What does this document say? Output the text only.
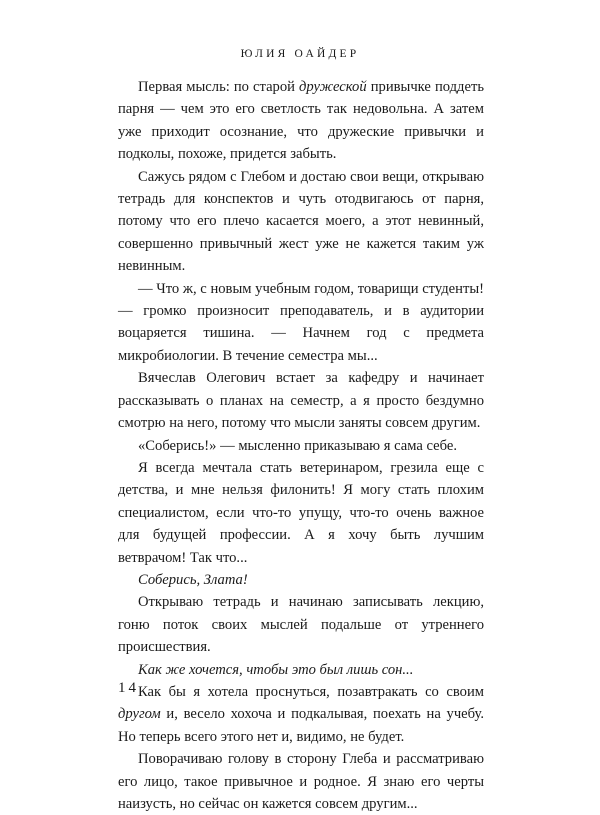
ЮЛИЯ ОАЙДЕР

Первая мысль: по старой дружеской привычке поддеть парня — чем это его светлость так недовольна. А затем уже приходит осознание, что дружеские привычки и подколы, похоже, придется забыть.

Сажусь рядом с Глебом и достаю свои вещи, открываю тетрадь для конспектов и чуть отодвигаюсь от парня, потому что его плечо касается моего, а этот невинный, совершенно привычный жест уже не кажется таким уж невинным.

— Что ж, с новым учебным годом, товарищи студенты! — громко произносит преподаватель, и в аудитории воцаряется тишина. — Начнем год с предмета микробиологии. В течение семестра мы...

Вячеслав Олегович встает за кафедру и начинает рассказывать о планах на семестр, а я просто бездумно смотрю на него, потому что мысли заняты совсем другим.

«Соберись!» — мысленно приказываю я сама себе.

Я всегда мечтала стать ветеринаром, грезила еще с детства, и мне нельзя филонить! Я могу стать плохим специалистом, если что-то упущу, что-то очень важное для будущей профессии. А я хочу быть лучшим ветврачом! Так что...

Соберись, Злата!

Открываю тетрадь и начинаю записывать лекцию, гоню поток своих мыслей подальше от утреннего происшествия.

Как же хочется, чтобы это был лишь сон...

Как бы я хотела проснуться, позавтракать со своим другом и, весело хохоча и подкалывая, поехать на учебу. Но теперь всего этого нет и, видимо, не будет.

Поворачиваю голову в сторону Глеба и рассматриваю его лицо, такое привычное и родное. Я знаю его черты наизусть, но сейчас он кажется совсем другим...

14
